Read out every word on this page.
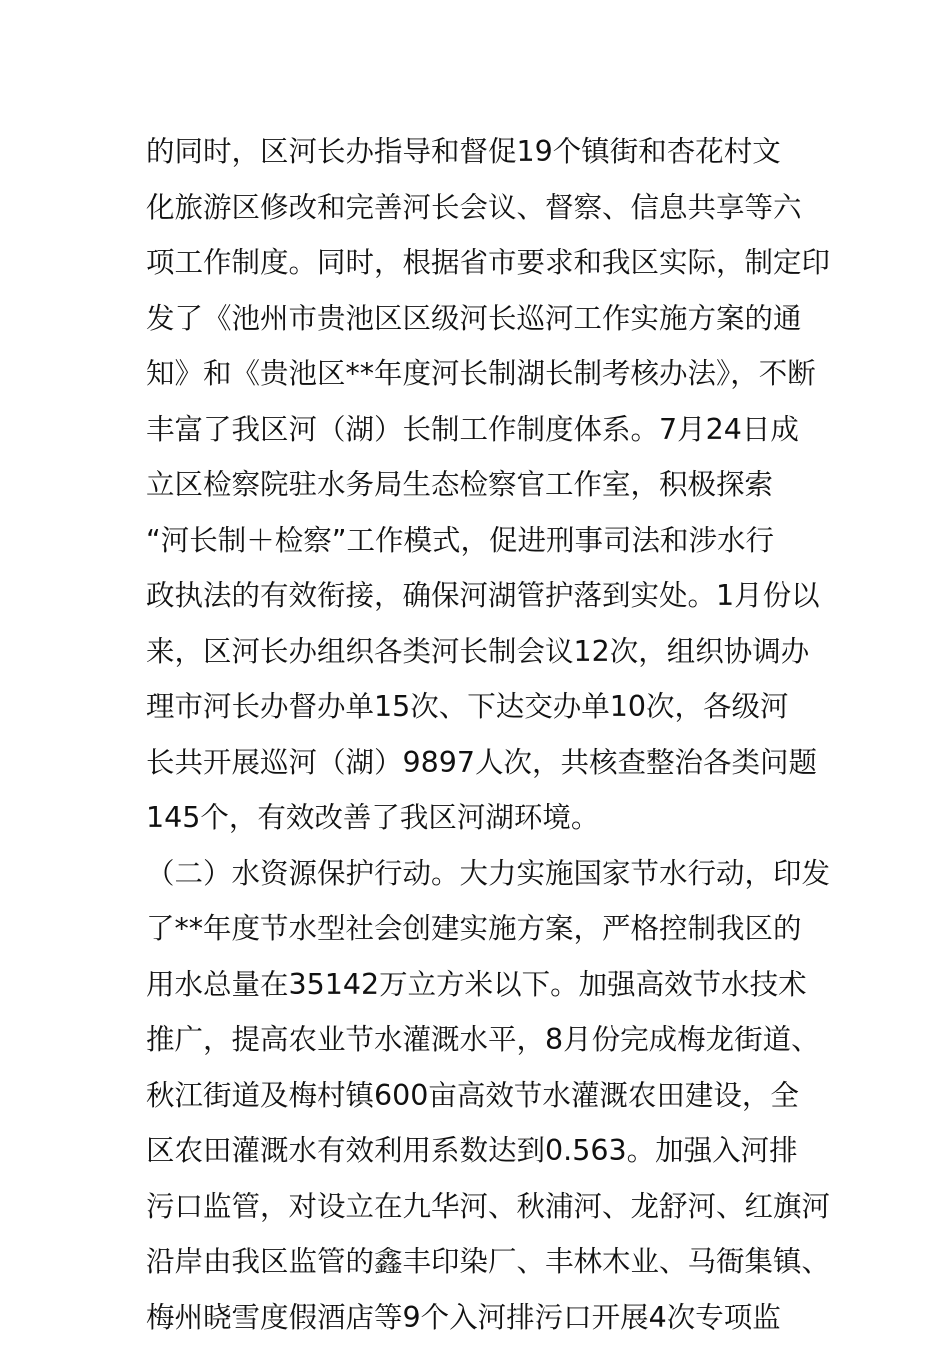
的同时，区河长办指导和督促19个镇街和杏花村文
化旅游区修改和完善河长会议、督察、信息共享等六
项工作制度。同时，根据省市要求和我区实际，制定印
发了《池州市贵池区区级河长巡河工作实施方案的通
知》和《贵池区**年度河长制湖长制考核办法》，不断
丰富了我区河（湖）长制工作制度体系。7月24日成
立区检察院驻水务局生态检察官工作室，积极探索
“河长制＋检察”工作模式，促进刑事司法和涉水行
政执法的有效衔接，确保河湖管护落到实处。1月份以
来，区河长办组织各类河长制会议12次，组织协调办
理市河长办督办单15次、下达交办单10次，各级河
长共开展巡河（湖）9897人次，共核查整治各类问题
145个，有效改善了我区河湖环境。
（二）水资源保护行动。大力实施国家节水行动，印发
了**年度节水型社会创建实施方案，严格控制我区的
用水总量在35142万立方米以下。加强高效节水技术
推广，提高农业节水灌溉水平，8月份完成梅龙街道、
秋江街道及梅村镇600亩高效节水灌溉农田建设，全
区农田灌溉水有效利用系数达到0.563。加强入河排
污口监管，对设立在九华河、秋浦河、龙舒河、红旗河
沿岸由我区监管的鑫丰印染厂、丰林木业、马衙集镇、
梅州晓雪度假酒店等9个入河排污口开展4次专项监
